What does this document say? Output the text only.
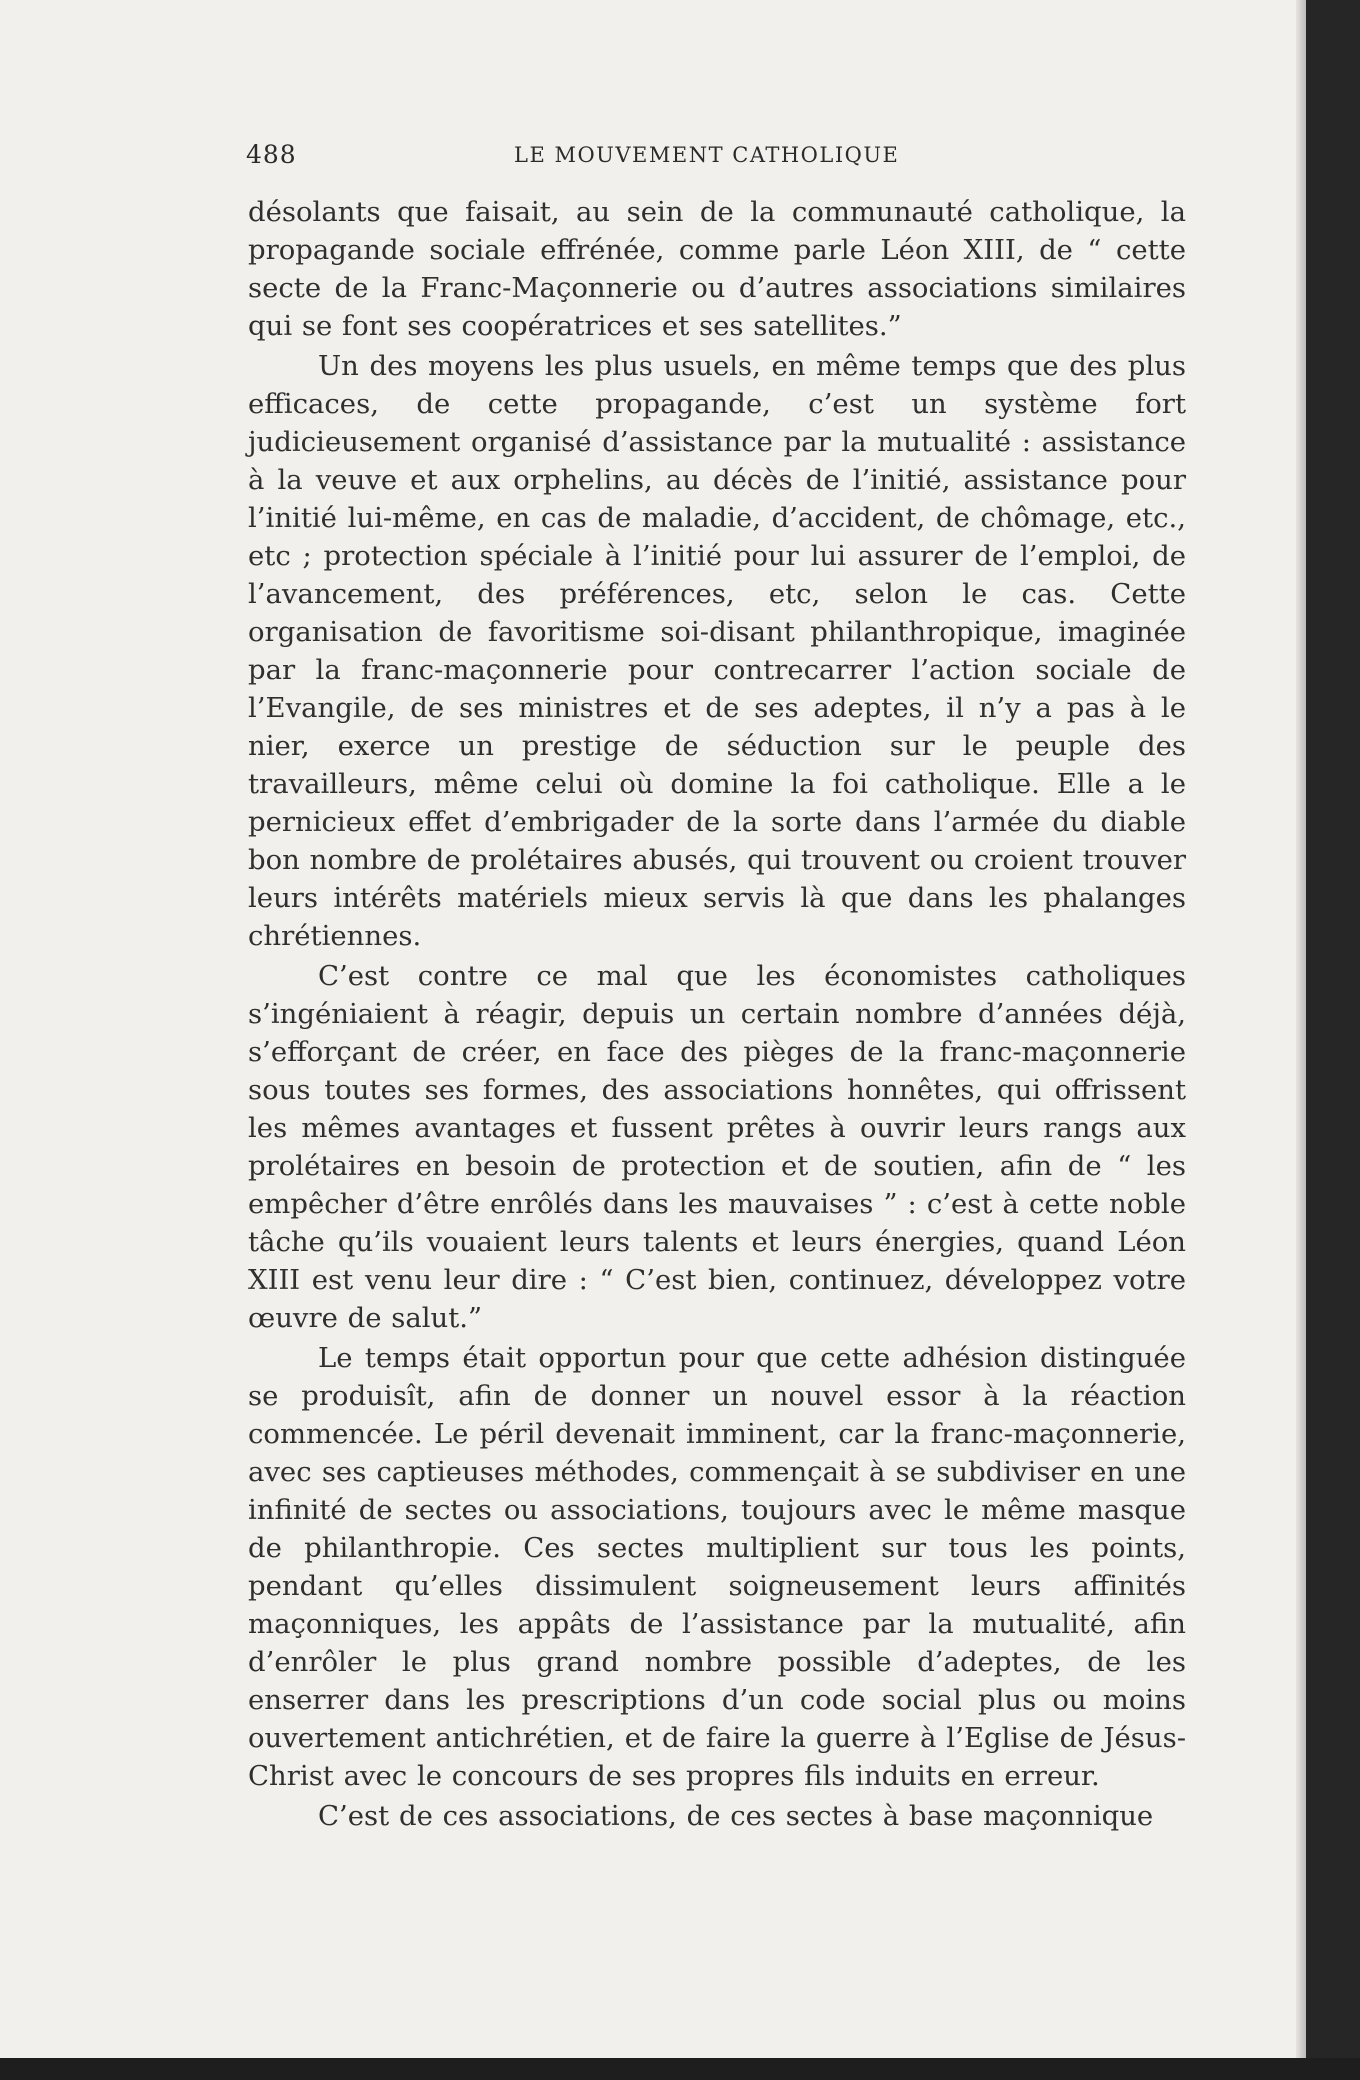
488	LE MOUVEMENT CATHOLIQUE

désolants que faisait, au sein de la communauté catholique, la propagande sociale effrénée, comme parle Léon XIII, de “ cette secte de la Franc-Maçonnerie ou d’autres associations similaires qui se font ses coopératrices et ses satellites.”

Un des moyens les plus usuels, en même temps que des plus efficaces, de cette propagande, c’est un système fort judicieusement organisé d’assistance par la mutualité : assistance à la veuve et aux orphelins, au décès de l’initié, assistance pour l’initié lui-même, en cas de maladie, d’accident, de chômage, etc., etc ; protection spéciale à l’initié pour lui assurer de l’emploi, de l’avancement, des préférences, etc, selon le cas. Cette organisation de favoritisme soi-disant philanthropique, imaginée par la franc-maçonnerie pour contrecarrer l’action sociale de l’Evangile, de ses ministres et de ses adeptes, il n’y a pas à le nier, exerce un prestige de séduction sur le peuple des travailleurs, même celui où domine la foi catholique. Elle a le pernicieux effet d’embrigader de la sorte dans l’armée du diable bon nombre de prolétaires abusés, qui trouvent ou croient trouver leurs intérêts matériels mieux servis là que dans les phalanges chrétiennes.

C’est contre ce mal que les économistes catholiques s’ingéniaient à réagir, depuis un certain nombre d’années déjà, s’efforçant de créer, en face des pièges de la franc-maçonnerie sous toutes ses formes, des associations honnêtes, qui offrissent les mêmes avantages et fussent prêtes à ouvrir leurs rangs aux prolétaires en besoin de protection et de soutien, afin de “ les empêcher d’être enrôlés dans les mauvaises ” : c’est à cette noble tâche qu’ils vouaient leurs talents et leurs énergies, quand Léon XIII est venu leur dire : “ C’est bien, continuez, développez votre œuvre de salut.”

Le temps était opportun pour que cette adhésion distinguée se produisît, afin de donner un nouvel essor à la réaction commencée. Le péril devenait imminent, car la franc-maçonnerie, avec ses captieuses méthodes, commençait à se subdiviser en une infinité de sectes ou associations, toujours avec le même masque de philanthropie. Ces sectes multiplient sur tous les points, pendant qu’elles dissimulent soigneusement leurs affinités maçonniques, les appâts de l’assistance par la mutualité, afin d’enrôler le plus grand nombre possible d’adeptes, de les enserrer dans les prescriptions d’un code social plus ou moins ouvertement antichrétien, et de faire la guerre à l’Eglise de Jésus-Christ avec le concours de ses propres fils induits en erreur.

C’est de ces associations, de ces sectes à base maçonnique
